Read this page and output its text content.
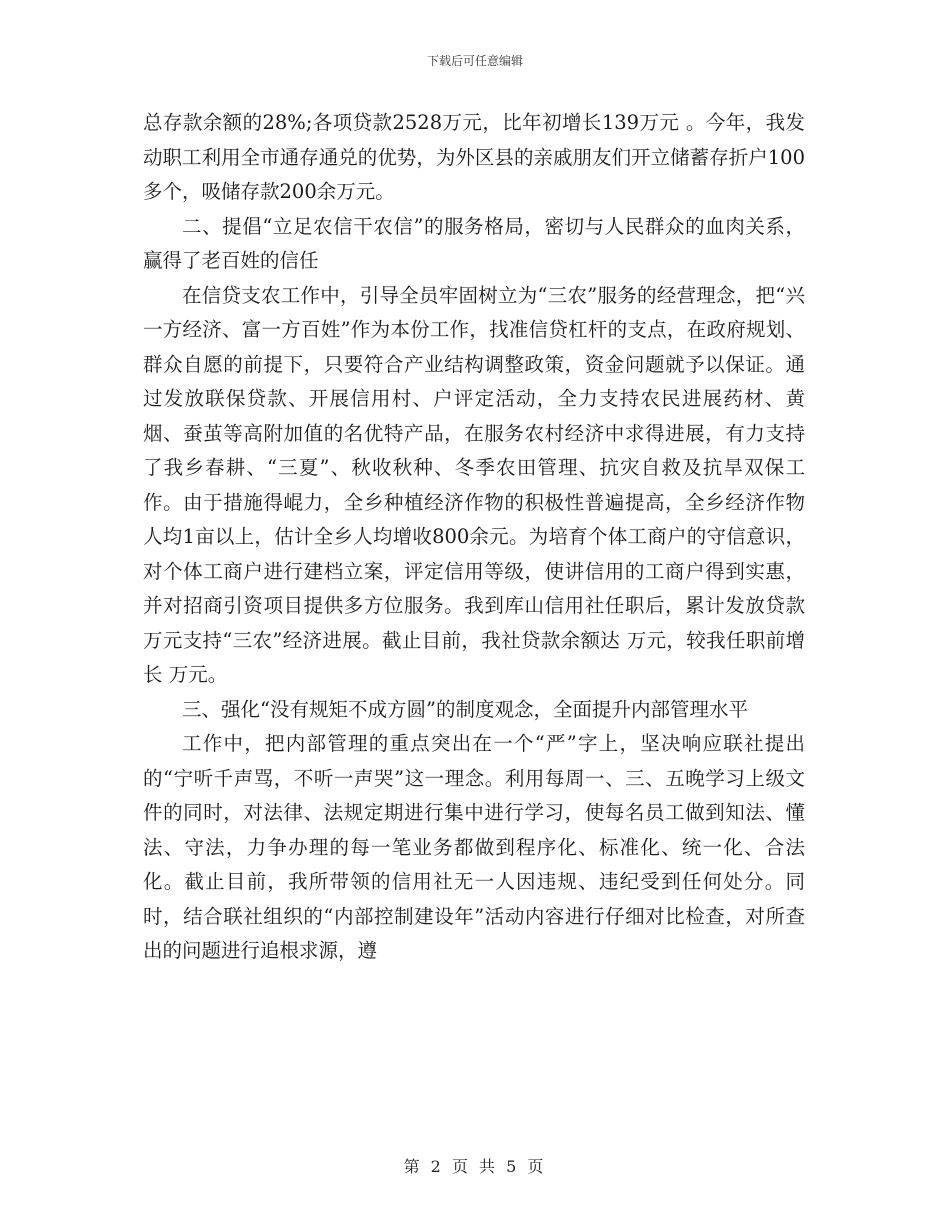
下载后可任意编辑

总存款余额的28%;各项贷款2528万元，比年初增长139万元 。今年，我发动职工利用全市通存通兑的优势，为外区县的亲戚朋友们开立储蓄存折户100多个，吸储存款200余万元。

二、提倡“立足农信干农信”的服务格局，密切与人民群众的血肉关系，赢得了老百姓的信任

在信贷支农工作中，引导全员牢固树立为“三农”服务的经营理念，把“兴一方经济、富一方百姓”作为本份工作，找准信贷杠杆的支点，在政府规划、群众自愿的前提下，只要符合产业结构调整政策，资金问题就予以保证。通过发放联保贷款、开展信用村、户评定活动，全力支持农民进展药材、黄烟、蚕茧等高附加值的名优特产品，在服务农村经济中求得进展，有力支持了我乡春耕、“三夏”、秋收秋种、冬季农田管理、抗灾自救及抗旱双保工作。由于措施得崐力，全乡种植经济作物的积极性普遍提高，全乡经济作物人均1亩以上，估计全乡人均增收800余元。为培育个体工商户的守信意识，对个体工商户进行建档立案，评定信用等级，使讲信用的工商户得到实惠，并对招商引资项目提供多方位服务。我到库山信用社任职后，累计发放贷款 万元支持“三农”经济进展。截止目前，我社贷款余额达 万元，较我任职前增长 万元。

三、强化“没有规矩不成方圆”的制度观念，全面提升内部管理水平

工作中，把内部管理的重点突出在一个“严”字上，坚决响应联社提出的“宁听千声骂，不听一声哭”这一理念。利用每周一、三、五晚学习上级文件的同时，对法律、法规定期进行集中进行学习，使每名员工做到知法、懂法、守法，力争办理的每一笔业务都做到程序化、标准化、统一化、合法化。截止目前，我所带领的信用社无一人因违规、违纪受到任何处分。同时，结合联社组织的“内部控制建设年”活动内容进行仔细对比检查，对所查出的问题进行追根求源，遵

第 2 页 共 5 页
